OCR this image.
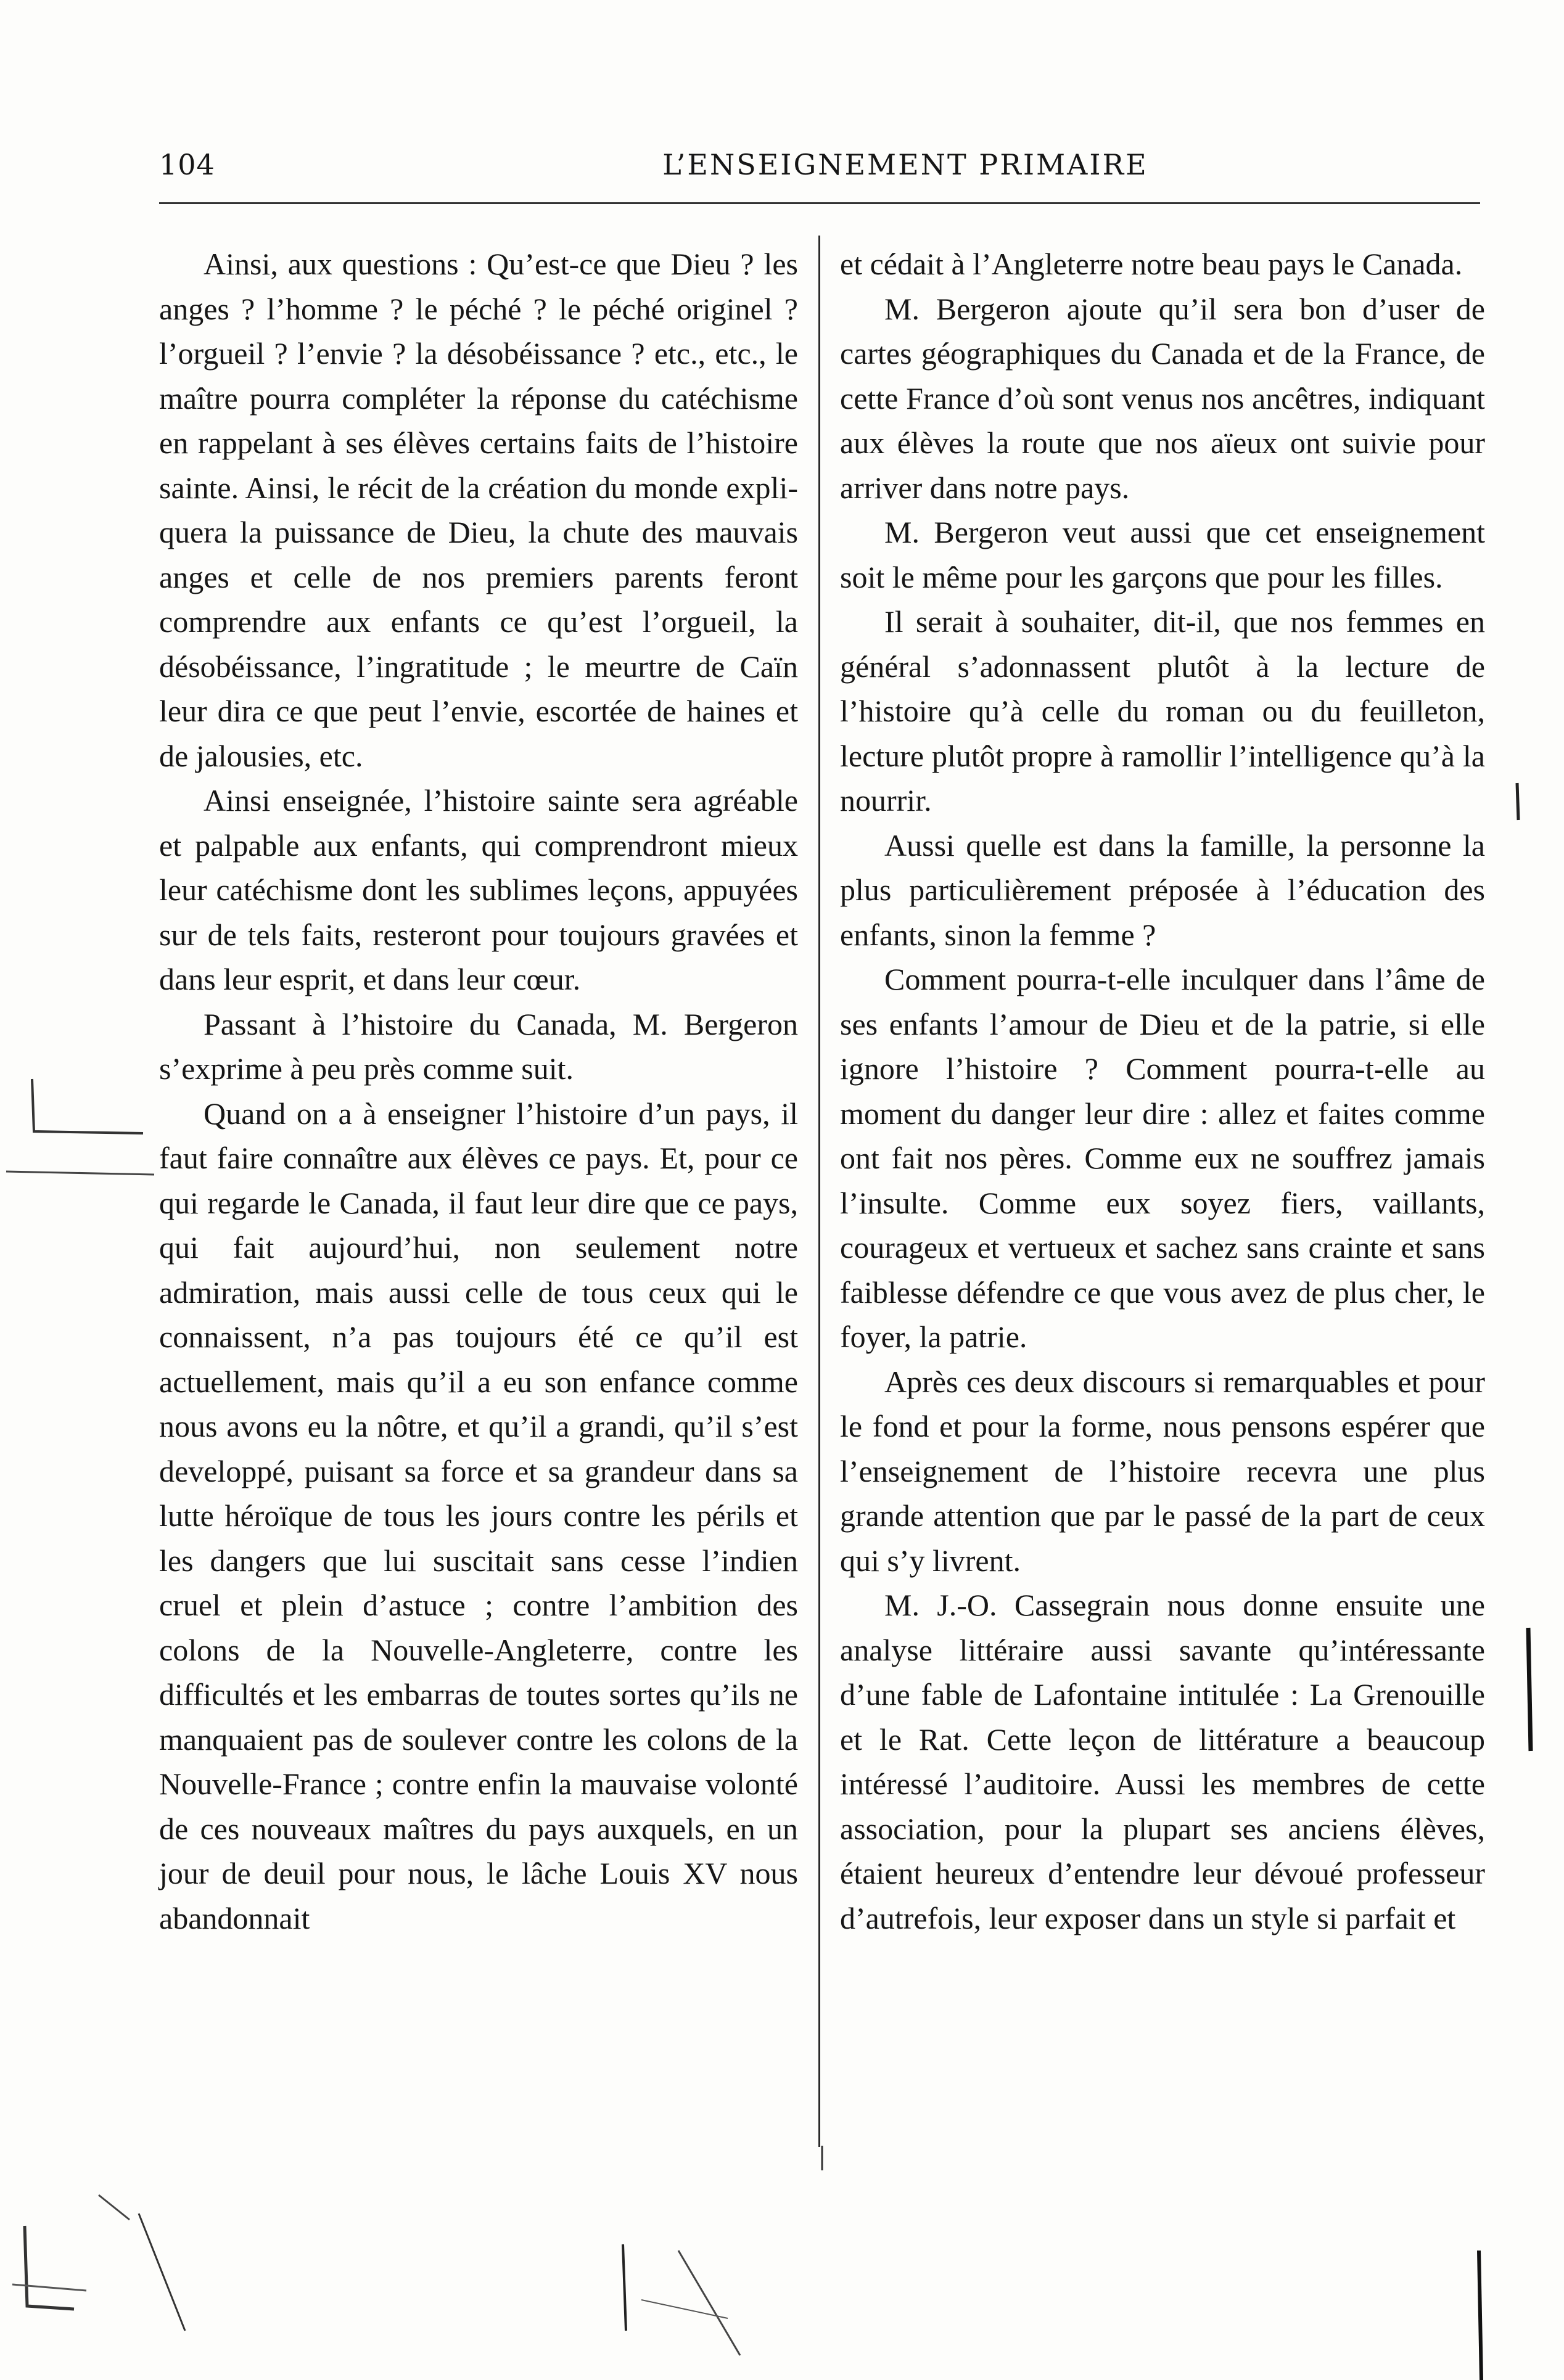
104	L’ENSEIGNEMENT PRIMAIRE

Ainsi, aux questions : Qu’est-ce que Dieu ? les anges ? l’homme ? le péché ? le péché originel ? l’orgueil ? l’envie ? la désobéissance ? etc., etc., le maître pourra compléter la réponse du catéchisme en rappelant à ses élèves certains faits de l’histoire sainte. Ainsi, le récit de la création du monde expliquera la puissance de Dieu, la chute des mauvais anges et celle de nos premiers parents feront comprendre aux enfants ce qu’est l’orgueil, la désobéissance, l’ingratitude ; le meurtre de Caïn leur dira ce que peut l’envie, escortée de haines et de jalousies, etc.

Ainsi enseignée, l’histoire sainte sera agréable et palpable aux enfants, qui comprendront mieux leur catéchisme dont les sublimes leçons, appuyées sur de tels faits, resteront pour toujours gravées et dans leur esprit, et dans leur cœur.

Passant à l’histoire du Canada, M. Bergeron s’exprime à peu près comme suit.

Quand on a à enseigner l’histoire d’un pays, il faut faire connaître aux élèves ce pays. Et, pour ce qui regarde le Canada, il faut leur dire que ce pays, qui fait aujourd’hui, non seulement notre admiration, mais aussi celle de tous ceux qui le connaissent, n’a pas toujours été ce qu’il est actuellement, mais qu’il a eu son enfance comme nous avons eu la nôtre, et qu’il a grandi, qu’il s’est developpé, puisant sa force et sa grandeur dans sa lutte héroïque de tous les jours contre les périls et les dangers que lui suscitait sans cesse l’indien cruel et plein d’astuce ; contre l’ambition des colons de la Nouvelle-Angleterre, contre les difficultés et les embarras de toutes sortes qu’ils ne manquaient pas de soulever contre les colons de la Nouvelle-France ; contre enfin la mauvaise volonté de ces nouveaux maîtres du pays auxquels, en un jour de deuil pour nous, le lâche Louis XV nous abandonnait

et cédait à l’Angleterre notre beau pays le Canada.

M. Bergeron ajoute qu’il sera bon d’user de cartes géographiques du Canada et de la France, de cette France d’où sont venus nos ancêtres, indiquant aux élèves la route que nos aïeux ont suivie pour arriver dans notre pays.

M. Bergeron veut aussi que cet enseignement soit le même pour les garçons que pour les filles.

Il serait à souhaiter, dit-il, que nos femmes en général s’adonnassent plutôt à la lecture de l’histoire qu’à celle du roman ou du feuilleton, lecture plutôt propre à ramollir l’intelligence qu’à la nourrir.

Aussi quelle est dans la famille, la personne la plus particulièrement préposée à l’éducation des enfants, sinon la femme ?

Comment pourra-t-elle inculquer dans l’âme de ses enfants l’amour de Dieu et de la patrie, si elle ignore l’histoire ? Comment pourra-t-elle au moment du danger leur dire : allez et faites comme ont fait nos pères. Comme eux ne souffrez jamais l’insulte. Comme eux soyez fiers, vaillants, courageux et vertueux et sachez sans crainte et sans faiblesse défendre ce que vous avez de plus cher, le foyer, la patrie.

Après ces deux discours si remarquables et pour le fond et pour la forme, nous pensons espérer que l’enseignement de l’histoire recevra une plus grande attention que par le passé de la part de ceux qui s’y livrent.

M. J.-O. Cassegrain nous donne ensuite une analyse littéraire aussi savante qu’intéressante d’une fable de Lafontaine intitulée : La Grenouille et le Rat. Cette leçon de littérature a beaucoup intéressé l’auditoire. Aussi les membres de cette association, pour la plupart ses anciens élèves, étaient heureux d’entendre leur dévoué professeur d’autrefois, leur exposer dans un style si parfait et
